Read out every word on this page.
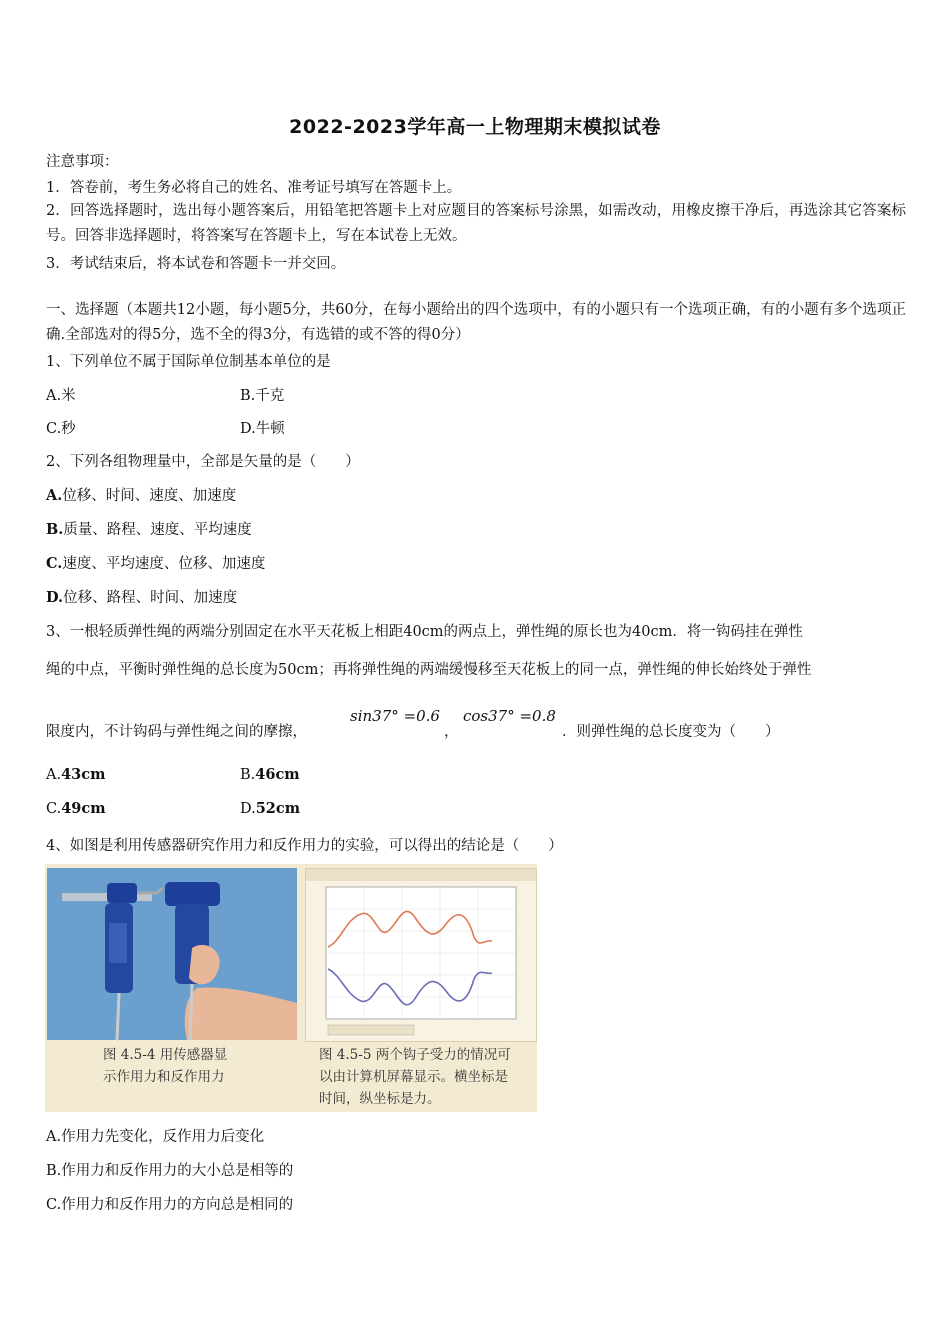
2022-2023学年高一上物理期末模拟试卷
注意事项：
1．答卷前，考生务必将自己的姓名、准考证号填写在答题卡上。
2．回答选择题时，选出每小题答案后，用铅笔把答题卡上对应题目的答案标号涂黑，如需改动，用橡皮擦干净后，再选涂其它答案标号。回答非选择题时，将答案写在答题卡上，写在本试卷上无效。
3．考试结束后，将本试卷和答题卡一并交回。
一、选择题（本题共12小题，每小题5分，共60分，在每小题给出的四个选项中，有的小题只有一个选项正确，有的小题有多个选项正确.全部选对的得5分，选不全的得3分，有选错的或不答的得0分）
1、下列单位不属于国际单位制基本单位的是
A.米	B.千克
C.秒	D.牛顿
2、下列各组物理量中，全部是矢量的是（　　）
A.位移、时间、速度、加速度
B.质量、路程、速度、平均速度
C.速度、平均速度、位移、加速度
D.位移、路程、时间、加速度
3、一根轻质弹性绳的两端分别固定在水平天花板上相距40cm的两点上，弹性绳的原长也为40cm．将一钩码挂在弹性
绳的中点，平衡时弹性绳的总长度为50cm；再将弹性绳的两端缓慢移至天花板上的同一点，弹性绳的伸长始终处于弹性
限度内，不计钩码与弹性绳之间的摩擦，
sin37° =0.6
，
cos37° =0.8
．则弹性绳的总长度变为（　　）
A.43cm	B.46cm
C.49cm	D.52cm
4、如图是利用传感器研究作用力和反作用力的实验，可以得出的结论是（　　）
图 4.5-4 用传感器显
示作用力和反作用力
图 4.5-5 两个钩子受力的情况可
以由计算机屏幕显示。横坐标是
时间，纵坐标是力。
A.作用力先变化，反作用力后变化
B.作用力和反作用力的大小总是相等的
C.作用力和反作用力的方向总是相同的
